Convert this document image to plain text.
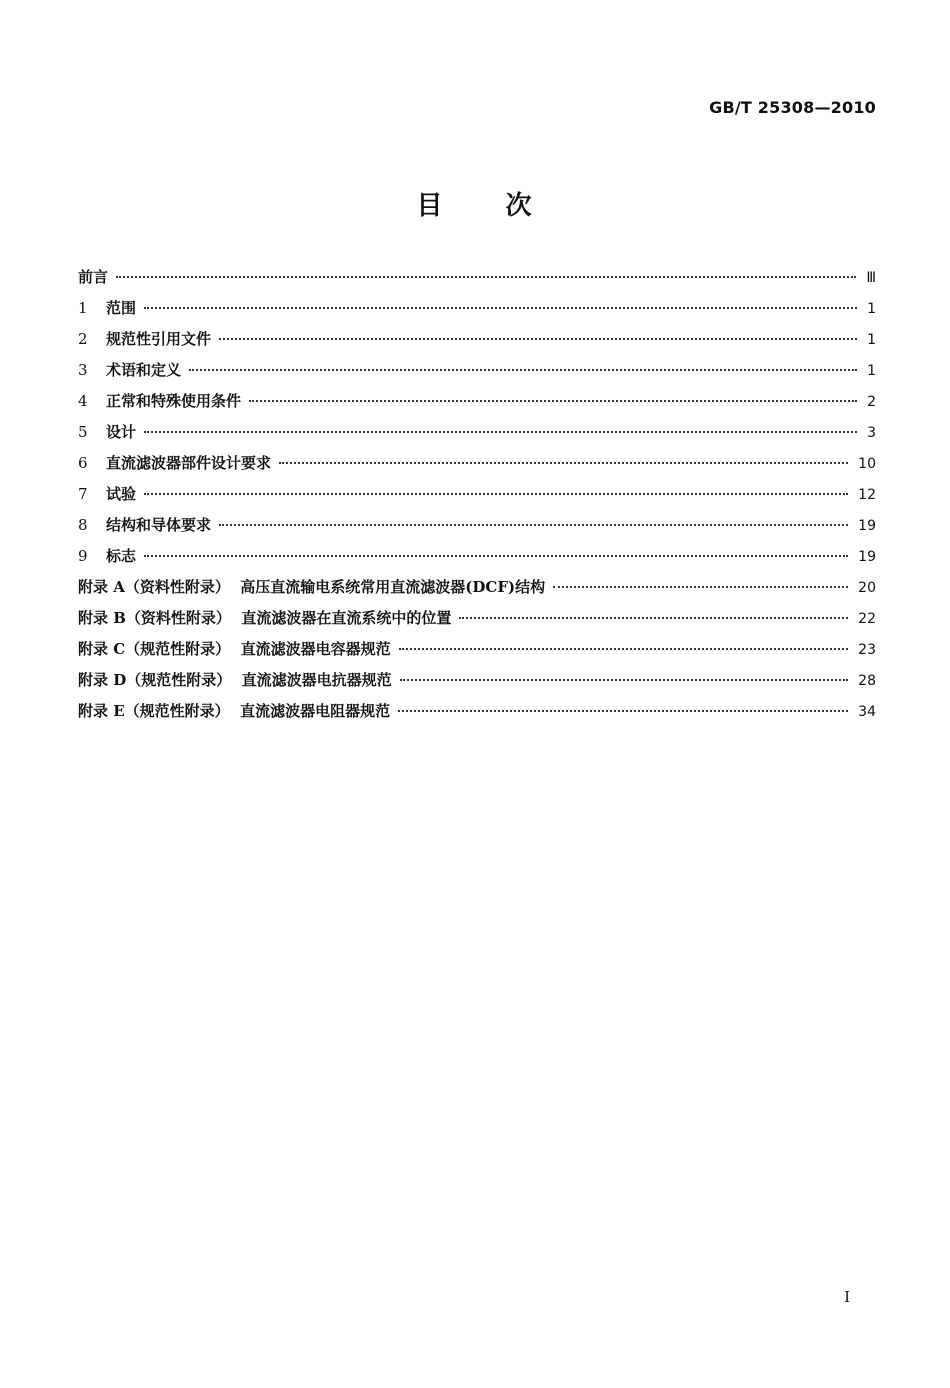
GB/T 25308—2010
目 次
前言	Ⅲ
1	范围	1
2	规范性引用文件	1
3	术语和定义	1
4	正常和特殊使用条件	2
5	设计	3
6	直流滤波器部件设计要求	10
7	试验	12
8	结构和导体要求	19
9	标志	19
附录 A（资料性附录）  高压直流输电系统常用直流滤波器(DCF)结构	20
附录 B（资料性附录）  直流滤波器在直流系统中的位置	22
附录 C（规范性附录）  直流滤波器电容器规范	23
附录 D（规范性附录）  直流滤波器电抗器规范	28
附录 E（规范性附录）  直流滤波器电阻器规范	34
I
